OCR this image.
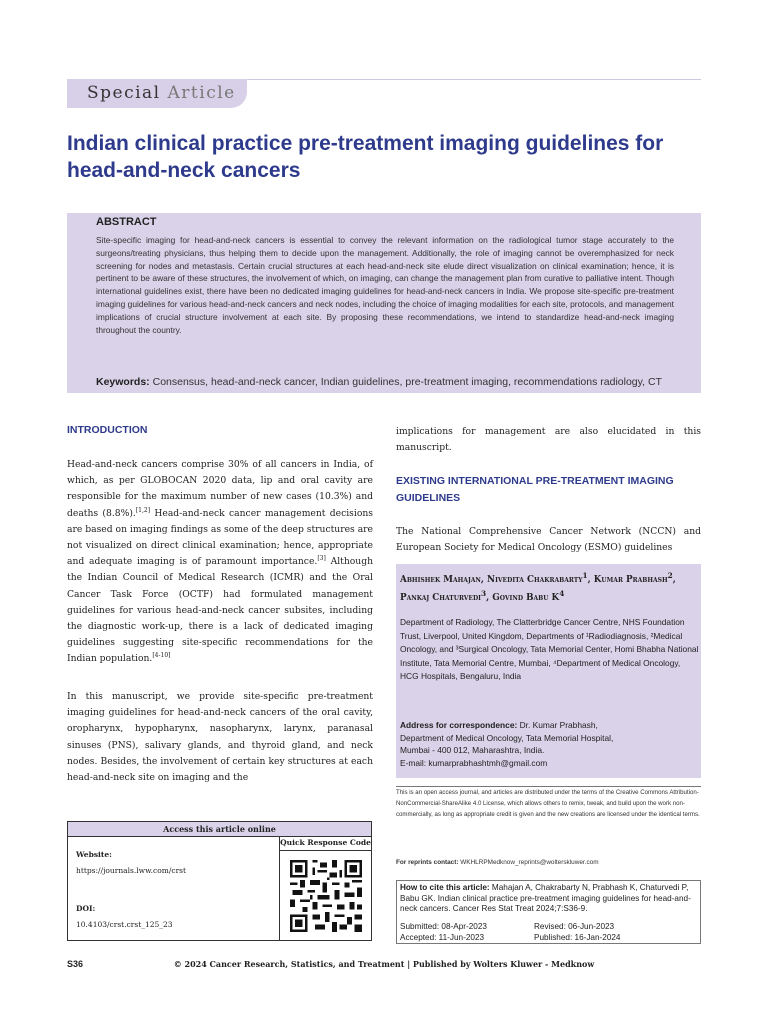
Special Article
Indian clinical practice pre-treatment imaging guidelines for head-and-neck cancers
ABSTRACT
Site-specific imaging for head-and-neck cancers is essential to convey the relevant information on the radiological tumor stage accurately to the surgeons/treating physicians, thus helping them to decide upon the management. Additionally, the role of imaging cannot be overemphasized for neck screening for nodes and metastasis. Certain crucial structures at each head-and-neck site elude direct visualization on clinical examination; hence, it is pertinent to be aware of these structures, the involvement of which, on imaging, can change the management plan from curative to palliative intent. Though international guidelines exist, there have been no dedicated imaging guidelines for head-and-neck cancers in India. We propose site-specific pre-treatment imaging guidelines for various head-and-neck cancers and neck nodes, including the choice of imaging modalities for each site, protocols, and management implications of crucial structure involvement at each site. By proposing these recommendations, we intend to standardize head-and-neck imaging throughout the country.
Keywords: Consensus, head-and-neck cancer, Indian guidelines, pre-treatment imaging, recommendations radiology, CT
INTRODUCTION
Head-and-neck cancers comprise 30% of all cancers in India, of which, as per GLOBOCAN 2020 data, lip and oral cavity are responsible for the maximum number of new cases (10.3%) and deaths (8.8%).[1,2] Head-and-neck cancer management decisions are based on imaging findings as some of the deep structures are not visualized on direct clinical examination; hence, appropriate and adequate imaging is of paramount importance.[3] Although the Indian Council of Medical Research (ICMR) and the Oral Cancer Task Force (OCTF) had formulated management guidelines for various head-and-neck cancer subsites, including the diagnostic work-up, there is a lack of dedicated imaging guidelines suggesting site-specific recommendations for the Indian population.[4-10]
In this manuscript, we provide site-specific pre-treatment imaging guidelines for head-and-neck cancers of the oral cavity, oropharynx, hypopharynx, nasopharynx, larynx, paranasal sinuses (PNS), salivary glands, and thyroid gland, and neck nodes. Besides, the involvement of certain key structures at each head-and-neck site on imaging and the
implications for management are also elucidated in this manuscript.
EXISTING INTERNATIONAL PRE-TREATMENT IMAGING GUIDELINES
The National Comprehensive Cancer Network (NCCN) and European Society for Medical Oncology (ESMO) guidelines
Abhishek Mahajan, Nivedita Chakrabarty$^1$, Kumar Prabhash$^2$, Pankaj Chaturvedi$^3$, Govind Babu $K^4$
Department of Radiology, The Clatterbridge Cancer Centre, NHS Foundation Trust, Liverpool, United Kingdom, Departments of ¹Radiodiagnosis, ²Medical Oncology, and ³Surgical Oncology, Tata Memorial Center, Homi Bhabha National Institute, Tata Memorial Centre, Mumbai, ⁴Department of Medical Oncology, HCG Hospitals, Bengaluru, India
Address for correspondence: Dr. Kumar Prabhash,
Department of Medical Oncology, Tata Memorial Hospital,
Mumbai - 400 012, Maharashtra, India.
E-mail: kumarprabhashtmh@gmail.com
This is an open access journal, and articles are distributed under the terms of the Creative Commons Attribution-NonCommercial-ShareAlike 4.0 License, which allows others to remix, tweak, and build upon the work non-commercially, as long as appropriate credit is given and the new creations are licensed under the identical terms.
For reprints contact: WKHLRPMedknow_reprints@wolterskluwer.com
How to cite this article: Mahajan A, Chakrabarty N, Prabhash K, Chaturvedi P, Babu GK. Indian clinical practice pre-treatment imaging guidelines for head-and-neck cancers. Cancer Res Stat Treat 2024;7:S36-9.
Submitted: 08-Apr-2023	Revised: 06-Jun-2023
Accepted: 11-Jun-2023	Published: 16-Jan-2024
Access this article online
Quick Response Code
Website:
https://journals.lww.com/crst
DOI:
10.4103/crst.crst_125_23
© 2024 Cancer Research, Statistics, and Treatment | Published by Wolters Kluwer - Medknow
S36
